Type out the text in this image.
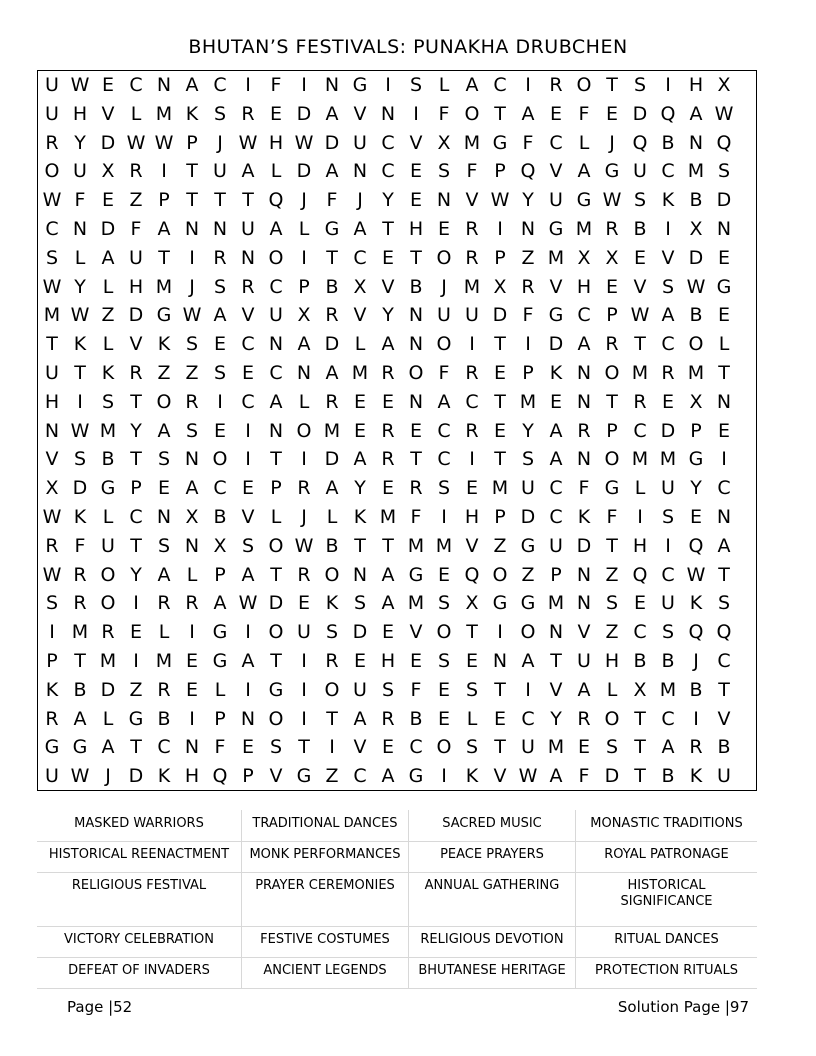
BHUTAN’S FESTIVALS: PUNAKHA DRUBCHEN
U W E C N A C I	F	I N G I	S L A C I R O T S	I H X
U H V L M K S R E D A V N I	F O T A E F E D Q A W
R Y D W W P	J W H W D U C V X M G F C L	J Q B N Q
O U X R I	T U A L D A N C E S F P Q V A G U C M S
W F E Z P T T T Q J	F	J	Y E N V W Y U G W S K B D
C N D F A N N U A L G A T H E R I N G M R B I X N
S L A U T	I R N O I	T C E T O R P Z M X X E V D E
W Y L H M J	S R C P B X V B J M X R V H E V S W G
M W Z D G W A V U X R V Y N U U D F G C P W A B E
T K L V K S E C N A D L A N O I	T	I D A R T C O L
U T K R Z Z S E C N A M R O F R E P K N O M R M T
H I	S T O R I C A L R E E N A C T M E N T R E X N
N W M Y A S E	I N O M E R E C R E Y A R P C D P E
V S B T S N O I	T	I D A R T C I	T S A N O M M G I
X D G P E A C E P R A Y E R S E M U C F G L U Y C
W K L C N X B V L	J	L K M F	I H P D C K F	I	S E N
R F U T S N X S O W B T T M M V Z G U D T H I Q A
W R O Y A L P A T R O N A G E Q O Z P N Z Q C W T
S R O I R R A W D E K S A M S X G G M N S E U K S
I M R E L	I G I O U S D E V O T	I O N V Z C S Q Q
P T M I M E G A T	I R E H E S E N A T U H B B J C
K B D Z R E L	I G I O U S F E S T	I V A L X M B T
R A L G B I	P N O I	T A R B E L E C Y R O T C I V
G G A T C N F E S T	I V E C O S T U M E S T A R B
U W J D K H Q P V G Z C A G I K V W A F D T B K U
MASKED WARRIORS	TRADITIONAL DANCES	SACRED MUSIC	MONASTIC TRADITIONS
HISTORICAL REENACTMENT	MONK PERFORMANCES	PEACE PRAYERS	ROYAL PATRONAGE
RELIGIOUS FESTIVAL	PRAYER CEREMONIES	ANNUAL GATHERING	HISTORICAL SIGNIFICANCE
VICTORY CELEBRATION	FESTIVE COSTUMES	RELIGIOUS DEVOTION	RITUAL DANCES
DEFEAT OF INVADERS	ANCIENT LEGENDS	BHUTANESE HERITAGE	PROTECTION RITUALS
Page |52	Solution Page |97
